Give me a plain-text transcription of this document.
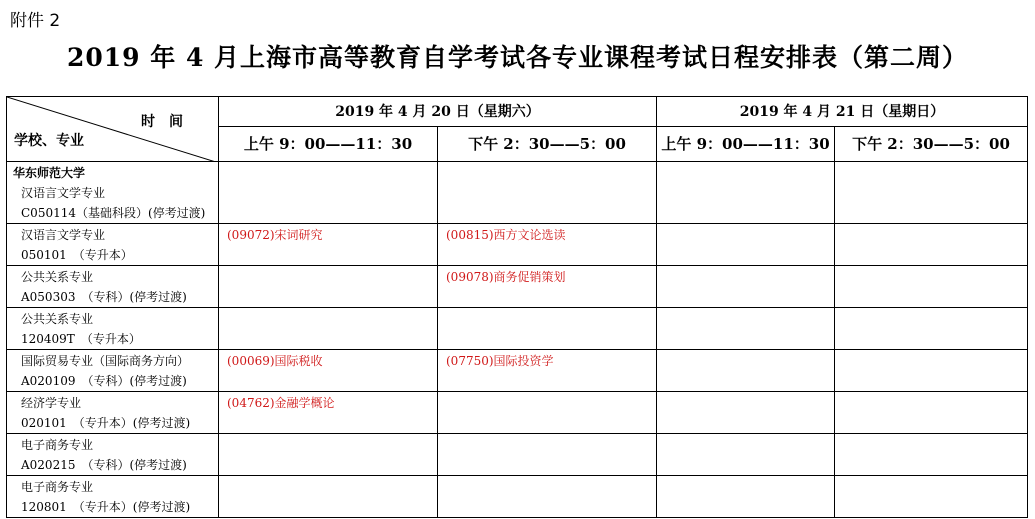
附件 2
2019 年 4 月上海市高等教育自学考试各专业课程考试日程安排表（第二周）
时　间
学校、专业	2019 年 4 月 20 日（星期六）		2019 年 4 月 21 日（星期日）	
	上午 9：00——11：30	下午 2：30——5：00	上午 9：00——11：30	下午 2：30——5：00

华东师范大学
汉语言文学专业
C050114（基础科段）(停考过渡)				

汉语言文学专业
050101　（专升本）	(09072)宋词研究	(00815)西方文论选读		

公共关系专业
A050303　（专科）(停考过渡)		(09078)商务促销策划		

公共关系专业
120409T　（专升本）				

国际贸易专业（国际商务方向）
A020109　（专科）(停考过渡)	(00069)国际税收	(07750)国际投资学		

经济学专业
020101　（专升本）(停考过渡)	(04762)金融学概论			

电子商务专业
A020215　（专科）(停考过渡)				

电子商务专业
120801　（专升本）(停考过渡)				
